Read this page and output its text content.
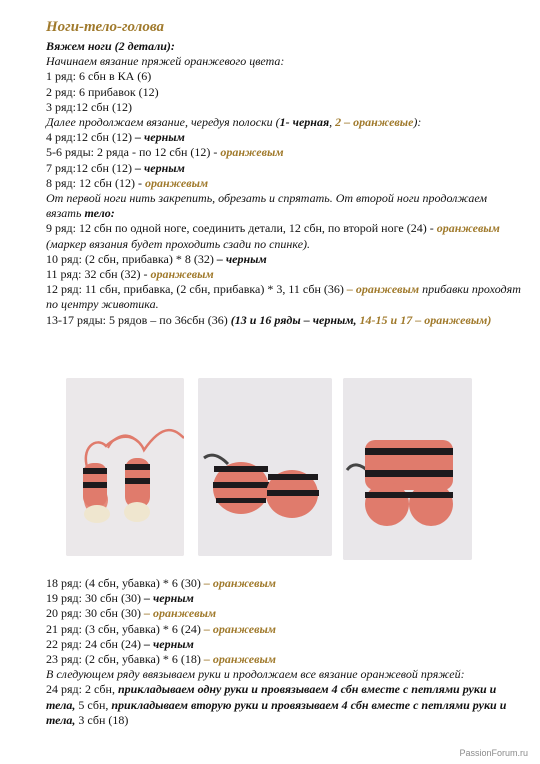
Ноги-тело-голова
Вяжем ноги (2 детали):
Начинаем вязание пряжей оранжевого цвета:
1 ряд: 6 сбн в КА (6)
2 ряд: 6 прибавок (12)
3 ряд:12 сбн (12)
Далее продолжаем вязание, чередуя полоски (1- черная, 2 – оранжевые):
4 ряд:12 сбн (12) – черным
5-6 ряды: 2 ряда - по 12 сбн (12) - оранжевым
7 ряд:12 сбн (12) – черным
8 ряд: 12 сбн (12) - оранжевым
От первой ноги нить закрепить, обрезать и спрятать. От второй ноги продолжаем вязать тело:
9 ряд: 12 сбн по одной ноге, соединить детали, 12 сбн, по второй ноге (24) - оранжевым
(маркер вязания будет проходить сзади по спинке).
10 ряд: (2 сбн, прибавка) * 8 (32) – черным
11 ряд: 32 сбн (32) - оранжевым
12 ряд: 11 сбн, прибавка, (2 сбн, прибавка) * 3, 11 сбн (36) – оранжевым прибавки проходят по центру животика.
13-17 ряды: 5 рядов – по 36сбн (36) (13 и 16 ряды – черным, 14-15 и 17 – оранжевым)
18 ряд: (4 сбн, убавка) * 6 (30) – оранжевым
19 ряд: 30 сбн (30) – черным
20 ряд: 30 сбн (30) – оранжевым
21 ряд: (3 сбн, убавка) * 6 (24) – оранжевым
22 ряд: 24 сбн (24) – черным
23 ряд: (2 сбн, убавка) * 6 (18) – оранжевым
В следующем ряду ввязываем руки и продолжаем все вязание оранжевой пряжей:
24 ряд: 2 сбн, прикладываем одну руки и провязываем 4 сбн вместе с петлями руки и тела, 5 сбн, прикладываем вторую руки и провязываем 4 сбн вместе с петлями руки и тела, 3 сбн (18)
PassionForum.ru
